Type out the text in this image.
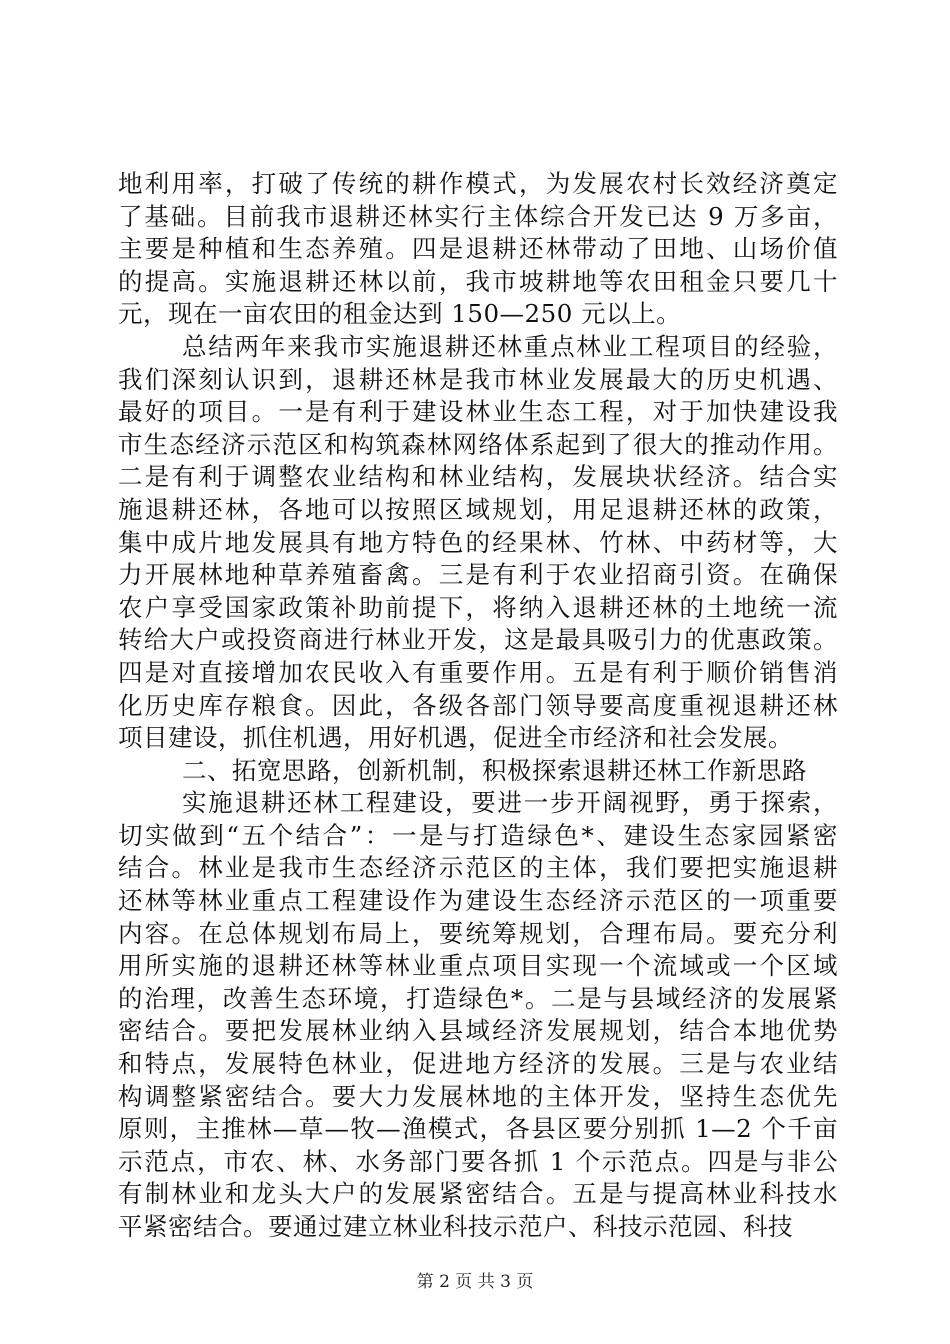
地利用率，打破了传统的耕作模式，为发展农村长效经济奠定
了基础。目前我市退耕还林实行主体综合开发已达 9 万多亩，
主要是种植和生态养殖。四是退耕还林带动了田地、山场价值
的提高。实施退耕还林以前，我市坡耕地等农田租金只要几十
元，现在一亩农田的租金达到 150—250 元以上。
总结两年来我市实施退耕还林重点林业工程项目的经验，
我们深刻认识到，退耕还林是我市林业发展最大的历史机遇、
最好的项目。一是有利于建设林业生态工程，对于加快建设我
市生态经济示范区和构筑森林网络体系起到了很大的推动作用。
二是有利于调整农业结构和林业结构，发展块状经济。结合实
施退耕还林，各地可以按照区域规划，用足退耕还林的政策，
集中成片地发展具有地方特色的经果林、竹林、中药材等，大
力开展林地种草养殖畜禽。三是有利于农业招商引资。在确保
农户享受国家政策补助前提下，将纳入退耕还林的土地统一流
转给大户或投资商进行林业开发，这是最具吸引力的优惠政策。
四是对直接增加农民收入有重要作用。五是有利于顺价销售消
化历史库存粮食。因此，各级各部门领导要高度重视退耕还林
项目建设，抓住机遇，用好机遇，促进全市经济和社会发展。
二、拓宽思路，创新机制，积极探索退耕还林工作新思路
实施退耕还林工程建设，要进一步开阔视野，勇于探索，
切实做到“五个结合”：一是与打造绿色*、建设生态家园紧密
结合。林业是我市生态经济示范区的主体，我们要把实施退耕
还林等林业重点工程建设作为建设生态经济示范区的一项重要
内容。在总体规划布局上，要统筹规划，合理布局。要充分利
用所实施的退耕还林等林业重点项目实现一个流域或一个区域
的治理，改善生态环境，打造绿色*。二是与县域经济的发展紧
密结合。要把发展林业纳入县域经济发展规划，结合本地优势
和特点，发展特色林业，促进地方经济的发展。三是与农业结
构调整紧密结合。要大力发展林地的主体开发，坚持生态优先
原则，主推林—草—牧—渔模式，各县区要分别抓 1—2 个千亩
示范点，市农、林、水务部门要各抓 1 个示范点。四是与非公
有制林业和龙头大户的发展紧密结合。五是与提高林业科技水
平紧密结合。要通过建立林业科技示范户、科技示范园、科技
第 2 页 共 3 页
